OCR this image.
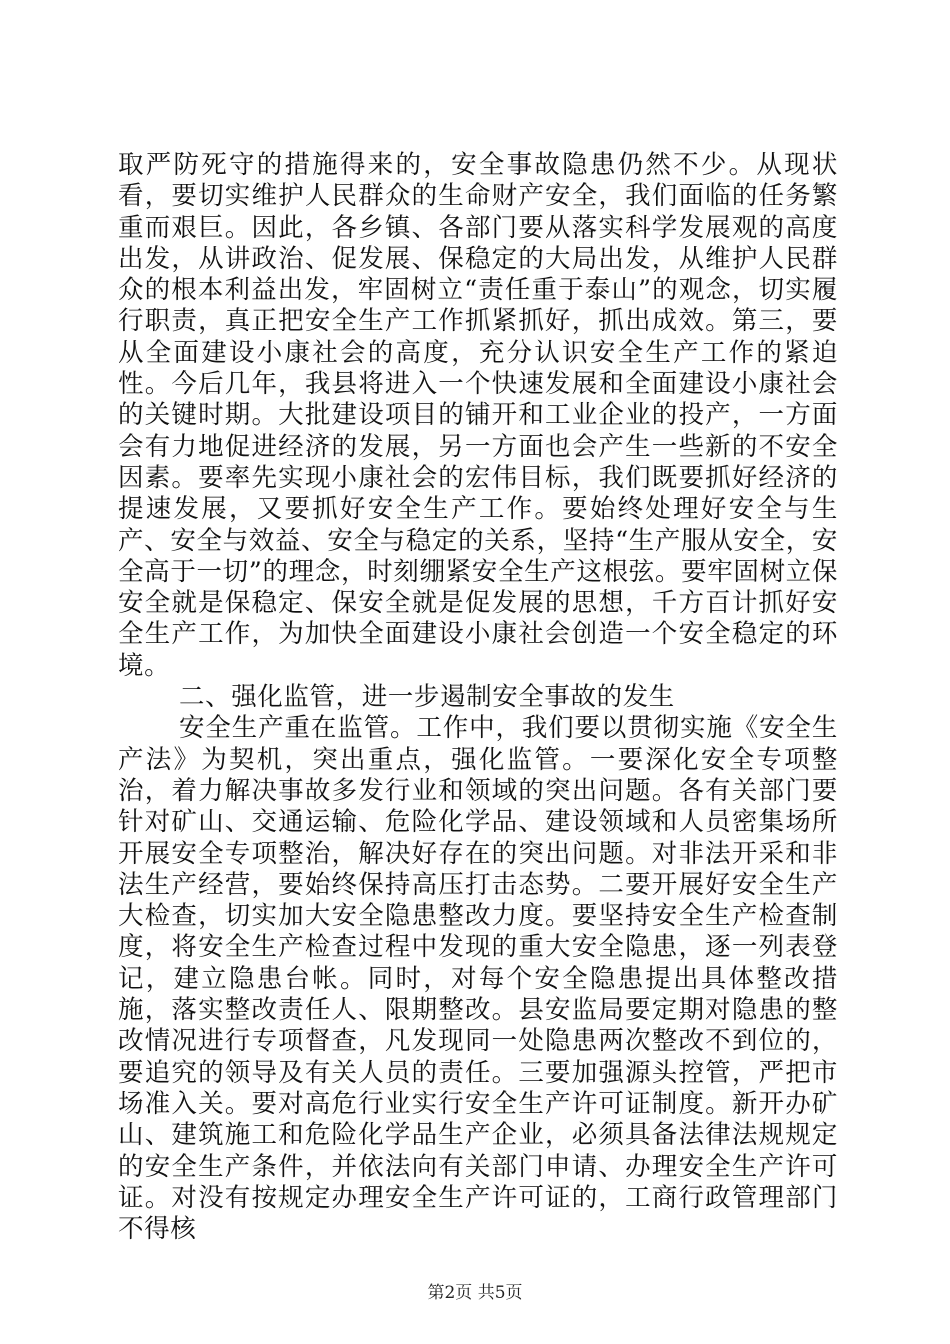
取严防死守的措施得来的，安全事故隐患仍然不少。从现状看，要切实维护人民群众的生命财产安全，我们面临的任务繁重而艰巨。因此，各乡镇、各部门要从落实科学发展观的高度出发，从讲政治、促发展、保稳定的大局出发，从维护人民群众的根本利益出发，牢固树立“责任重于泰山”的观念，切实履行职责，真正把安全生产工作抓紧抓好，抓出成效。第三，要从全面建设小康社会的高度，充分认识安全生产工作的紧迫性。今后几年，我县将进入一个快速发展和全面建设小康社会的关键时期。大批建设项目的铺开和工业企业的投产，一方面会有力地促进经济的发展，另一方面也会产生一些新的不安全因素。要率先实现小康社会的宏伟目标，我们既要抓好经济的提速发展，又要抓好安全生产工作。要始终处理好安全与生产、安全与效益、安全与稳定的关系，坚持“生产服从安全，安全高于一切”的理念，时刻绷紧安全生产这根弦。要牢固树立保安全就是保稳定、保安全就是促发展的思想，千方百计抓好安全生产工作，为加快全面建设小康社会创造一个安全稳定的环境。

二、强化监管，进一步遏制安全事故的发生

安全生产重在监管。工作中，我们要以贯彻实施《安全生产法》为契机，突出重点，强化监管。一要深化安全专项整治，着力解决事故多发行业和领域的突出问题。各有关部门要针对矿山、交通运输、危险化学品、建设领域和人员密集场所开展安全专项整治，解决好存在的突出问题。对非法开采和非法生产经营，要始终保持高压打击态势。二要开展好安全生产大检查，切实加大安全隐患整改力度。要坚持安全生产检查制度，将安全生产检查过程中发现的重大安全隐患，逐一列表登记，建立隐患台帐。同时，对每个安全隐患提出具体整改措施，落实整改责任人、限期整改。县安监局要定期对隐患的整改情况进行专项督查，凡发现同一处隐患两次整改不到位的，要追究的领导及有关人员的责任。三要加强源头控管，严把市场准入关。要对高危行业实行安全生产许可证制度。新开办矿山、建筑施工和危险化学品生产企业，必须具备法律法规规定的安全生产条件，并依法向有关部门申请、办理安全生产许可证。对没有按规定办理安全生产许可证的，工商行政管理部门不得核

第2页 共5页
